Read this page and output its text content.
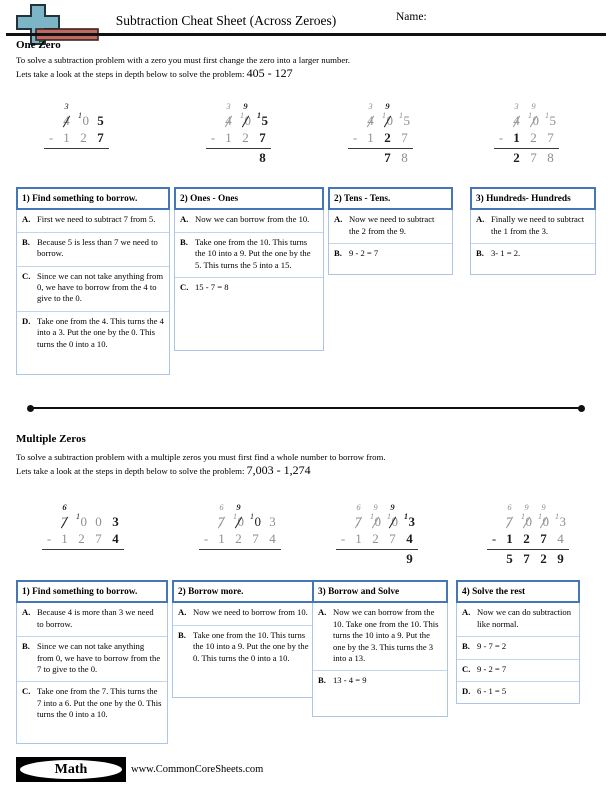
Subtraction Cheat Sheet (Across Zeroes)	Name:
One Zero
To solve a subtraction problem with a zero you must first change the zero into a larger number.
Lets take a look at the steps in depth below to solve the problem: 405 - 127
3
4 1 0 5
- 1 2 7
3	9
4 1 0 1 5
- 1 2 7
8
3	9
4 1 0 1 5
- 1 2 7
7 8
3	9
4 1 0 1 5
- 1 2 7
2 7 8
1) Find something to borrow.
A. First we need to subtract 7 from 5.
B. Because 5 is less than 7 we need to borrow.
C. Since we can not take anything from 0, we have to borrow from the 4 to give to the 0.
D. Take one from the 4. This turns the 4 into a 3. Put the one by the 0. This turns the 0 into a 10.
2) Ones - Ones
A. Now we can borrow from the 10.
B. Take one from the 10. This turns the 10 into a 9. Put the one by the 5. This turns the 5 into a 15.
C. 15 - 7 = 8
2) Tens - Tens.
A. Now we need to subtract the 2 from the 9.
B. 9 - 2 = 7
3) Hundreds- Hundreds
A. Finally we need to subtract the 1 from the 3.
B. 3- 1 = 2.
Multiple Zeros
To solve a subtraction problem with a multiple zeros you must first find a whole number to borrow from.
Lets take a look at the steps in depth below to solve the problem: 7,003 - 1,274
6
7 1 0 0 3
- 1 2 7 4
6	9
7 1 0 1 0 3
- 1 2 7 4
6	9	9
7 1 0 1 0 1 3
- 1 2 7 4
9
6	9	9
7 1 0 1 0 1 3
- 1 2 7 4
5 7 2 9
1) Find something to borrow.
A. Because 4 is more than 3 we need to borrow.
B. Since we can not take anything from 0, we have to borrow from the 7 to give to the 0.
C. Take one from the 7. This turns the 7 into a 6. Put the one by the 0. This turns the 0 into a 10.
2) Borrow more.
A. Now we need to borrow from 10.
B. Take one from the 10. This turns the 10 into a 9. Put the one by the 0. This turns the 0 into a 10.
3) Borrow and Solve
A. Now we can borrow from the 10. Take one from the 10. This turns the 10 into a 9. Put the one by the 3. This turns the 3 into a 13.
B. 13 - 4 = 9
4) Solve the rest
A. Now we can do subtraction like normal.
B. 9 - 7 = 2
C. 9 - 2 = 7
D. 6 - 1 = 5
Math	www.CommonCoreSheets.com
